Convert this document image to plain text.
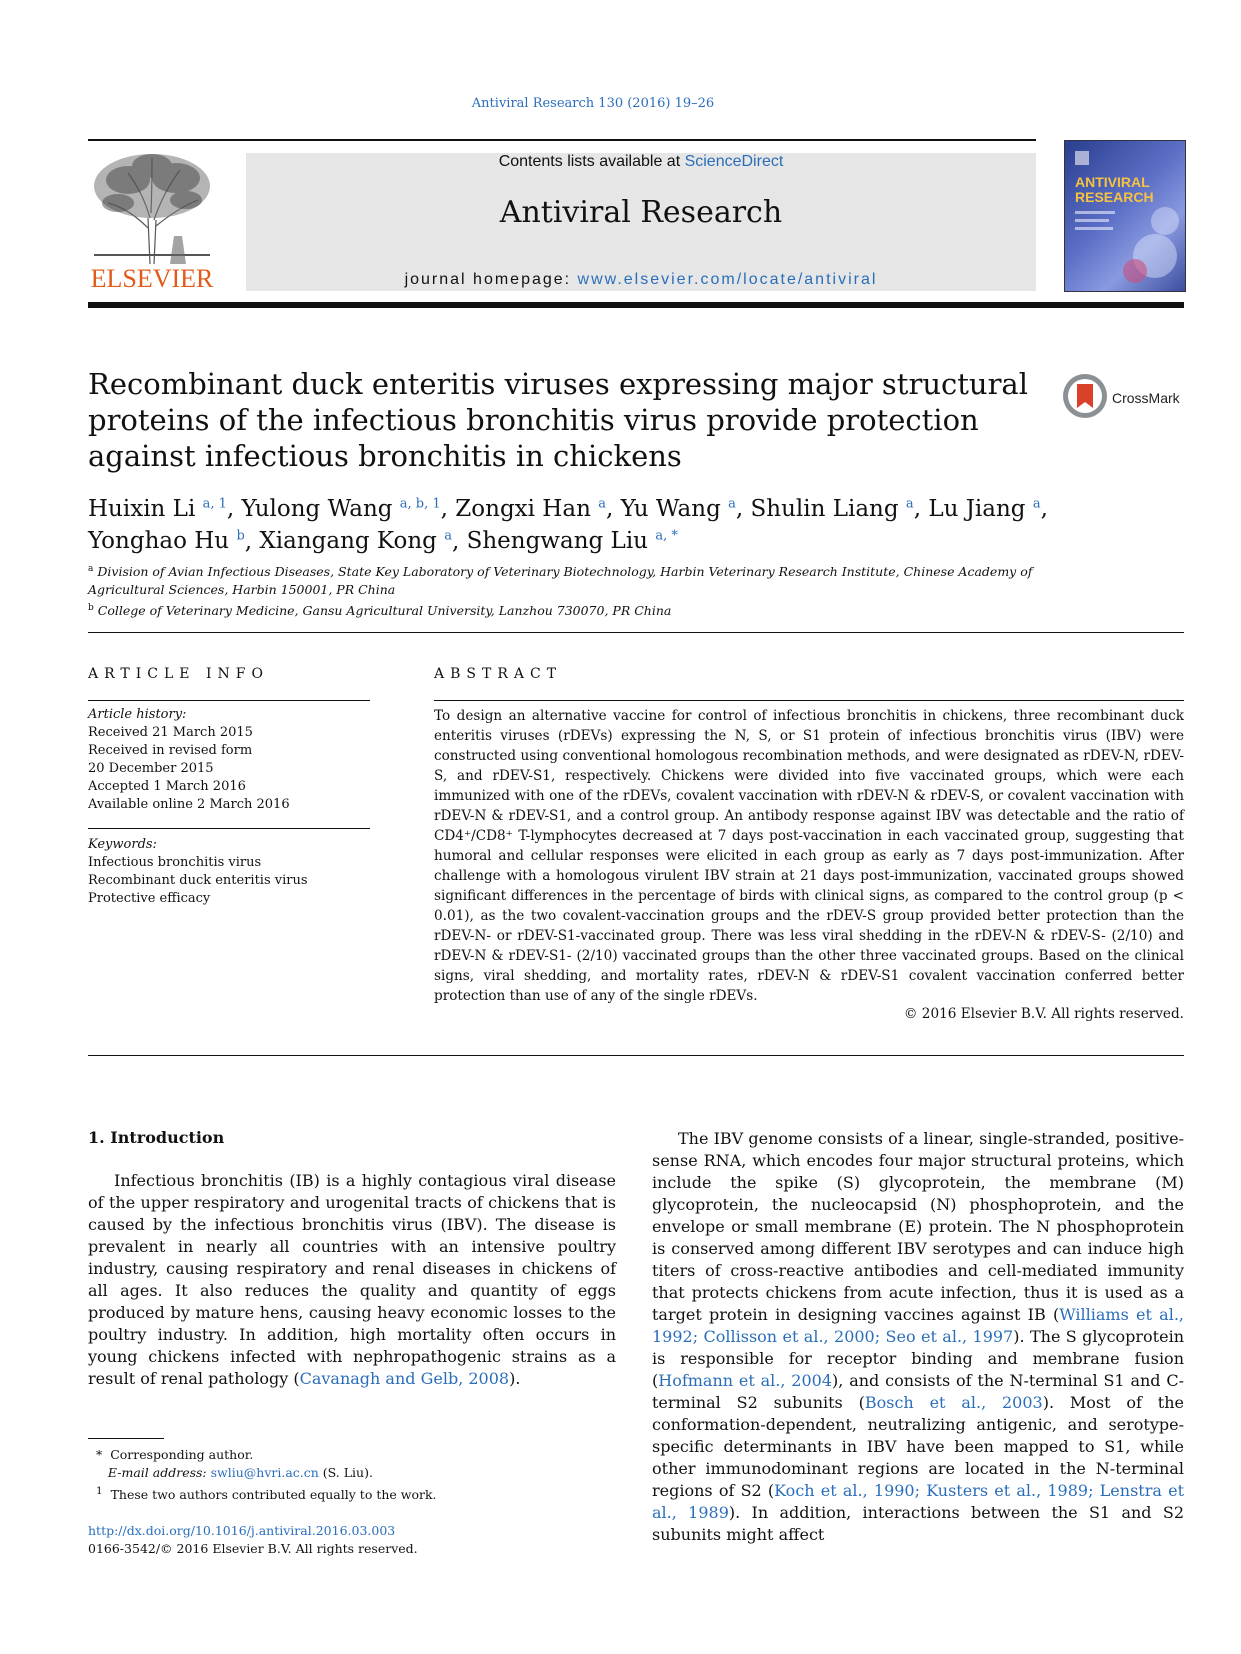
Antiviral Research 130 (2016) 19–26
ELSEVIER
Contents lists available at ScienceDirect
Antiviral Research
journal homepage: www.elsevier.com/locate/antiviral
ANTIVIRAL
RESEARCH
Recombinant duck enteritis viruses expressing major structural proteins of the infectious bronchitis virus provide protection against infectious bronchitis in chickens
CrossMark
Huixin Li $^{a, 1}$, Yulong Wang $^{a, b, 1}$, Zongxi Han $^a$, Yu Wang $^a$, Shulin Liang $^a$, Lu Jiang $^a$,
Yonghao Hu $^b$, Xiangang Kong $^a$, Shengwang Liu $^{a, *}$
$^a$ Division of Avian Infectious Diseases, State Key Laboratory of Veterinary Biotechnology, Harbin Veterinary Research Institute, Chinese Academy of Agricultural Sciences, Harbin 150001, PR China
$^b$ College of Veterinary Medicine, Gansu Agricultural University, Lanzhou 730070, PR China
ARTICLE INFO	ABSTRACT
Article history:
Received 21 March 2015
Received in revised form
20 December 2015
Accepted 1 March 2016
Available online 2 March 2016
Keywords:
Infectious bronchitis virus
Recombinant duck enteritis virus
Protective efficacy
To design an alternative vaccine for control of infectious bronchitis in chickens, three recombinant duck enteritis viruses (rDEVs) expressing the N, S, or S1 protein of infectious bronchitis virus (IBV) were constructed using conventional homologous recombination methods, and were designated as rDEV-N, rDEV-S, and rDEV-S1, respectively. Chickens were divided into five vaccinated groups, which were each immunized with one of the rDEVs, covalent vaccination with rDEV-N & rDEV-S, or covalent vaccination with rDEV-N & rDEV-S1, and a control group. An antibody response against IBV was detectable and the ratio of CD4⁺/CD8⁺ T-lymphocytes decreased at 7 days post-vaccination in each vaccinated group, suggesting that humoral and cellular responses were elicited in each group as early as 7 days post-immunization. After challenge with a homologous virulent IBV strain at 21 days post-immunization, vaccinated groups showed significant differences in the percentage of birds with clinical signs, as compared to the control group (p < 0.01), as the two covalent-vaccination groups and the rDEV-S group provided better protection than the rDEV-N- or rDEV-S1-vaccinated group. There was less viral shedding in the rDEV-N & rDEV-S- (2/10) and rDEV-N & rDEV-S1- (2/10) vaccinated groups than the other three vaccinated groups. Based on the clinical signs, viral shedding, and mortality rates, rDEV-N & rDEV-S1 covalent vaccination conferred better protection than use of any of the single rDEVs.
© 2016 Elsevier B.V. All rights reserved.
1. Introduction
Infectious bronchitis (IB) is a highly contagious viral disease of the upper respiratory and urogenital tracts of chickens that is caused by the infectious bronchitis virus (IBV). The disease is prevalent in nearly all countries with an intensive poultry industry, causing respiratory and renal diseases in chickens of all ages. It also reduces the quality and quantity of eggs produced by mature hens, causing heavy economic losses to the poultry industry. In addition, high mortality often occurs in young chickens infected with nephropathogenic strains as a result of renal pathology (Cavanagh and Gelb, 2008).
The IBV genome consists of a linear, single-stranded, positive-sense RNA, which encodes four major structural proteins, which include the spike (S) glycoprotein, the membrane (M) glycoprotein, the nucleocapsid (N) phosphoprotein, and the envelope or small membrane (E) protein. The N phosphoprotein is conserved among different IBV serotypes and can induce high titers of cross-reactive antibodies and cell-mediated immunity that protects chickens from acute infection, thus it is used as a target protein in designing vaccines against IB (Williams et al., 1992; Collisson et al., 2000; Seo et al., 1997). The S glycoprotein is responsible for receptor binding and membrane fusion (Hofmann et al., 2004), and consists of the N-terminal S1 and C-terminal S2 subunits (Bosch et al., 2003). Most of the conformation-dependent, neutralizing antigenic, and serotype-specific determinants in IBV have been mapped to S1, while other immunodominant regions are located in the N-terminal regions of S2 (Koch et al., 1990; Kusters et al., 1989; Lenstra et al., 1989). In addition, interactions between the S1 and S2 subunits might affect
* Corresponding author.
E-mail address: swliu@hvri.ac.cn (S. Liu).
$^1$ These two authors contributed equally to the work.
http://dx.doi.org/10.1016/j.antiviral.2016.03.003
0166-3542/© 2016 Elsevier B.V. All rights reserved.
